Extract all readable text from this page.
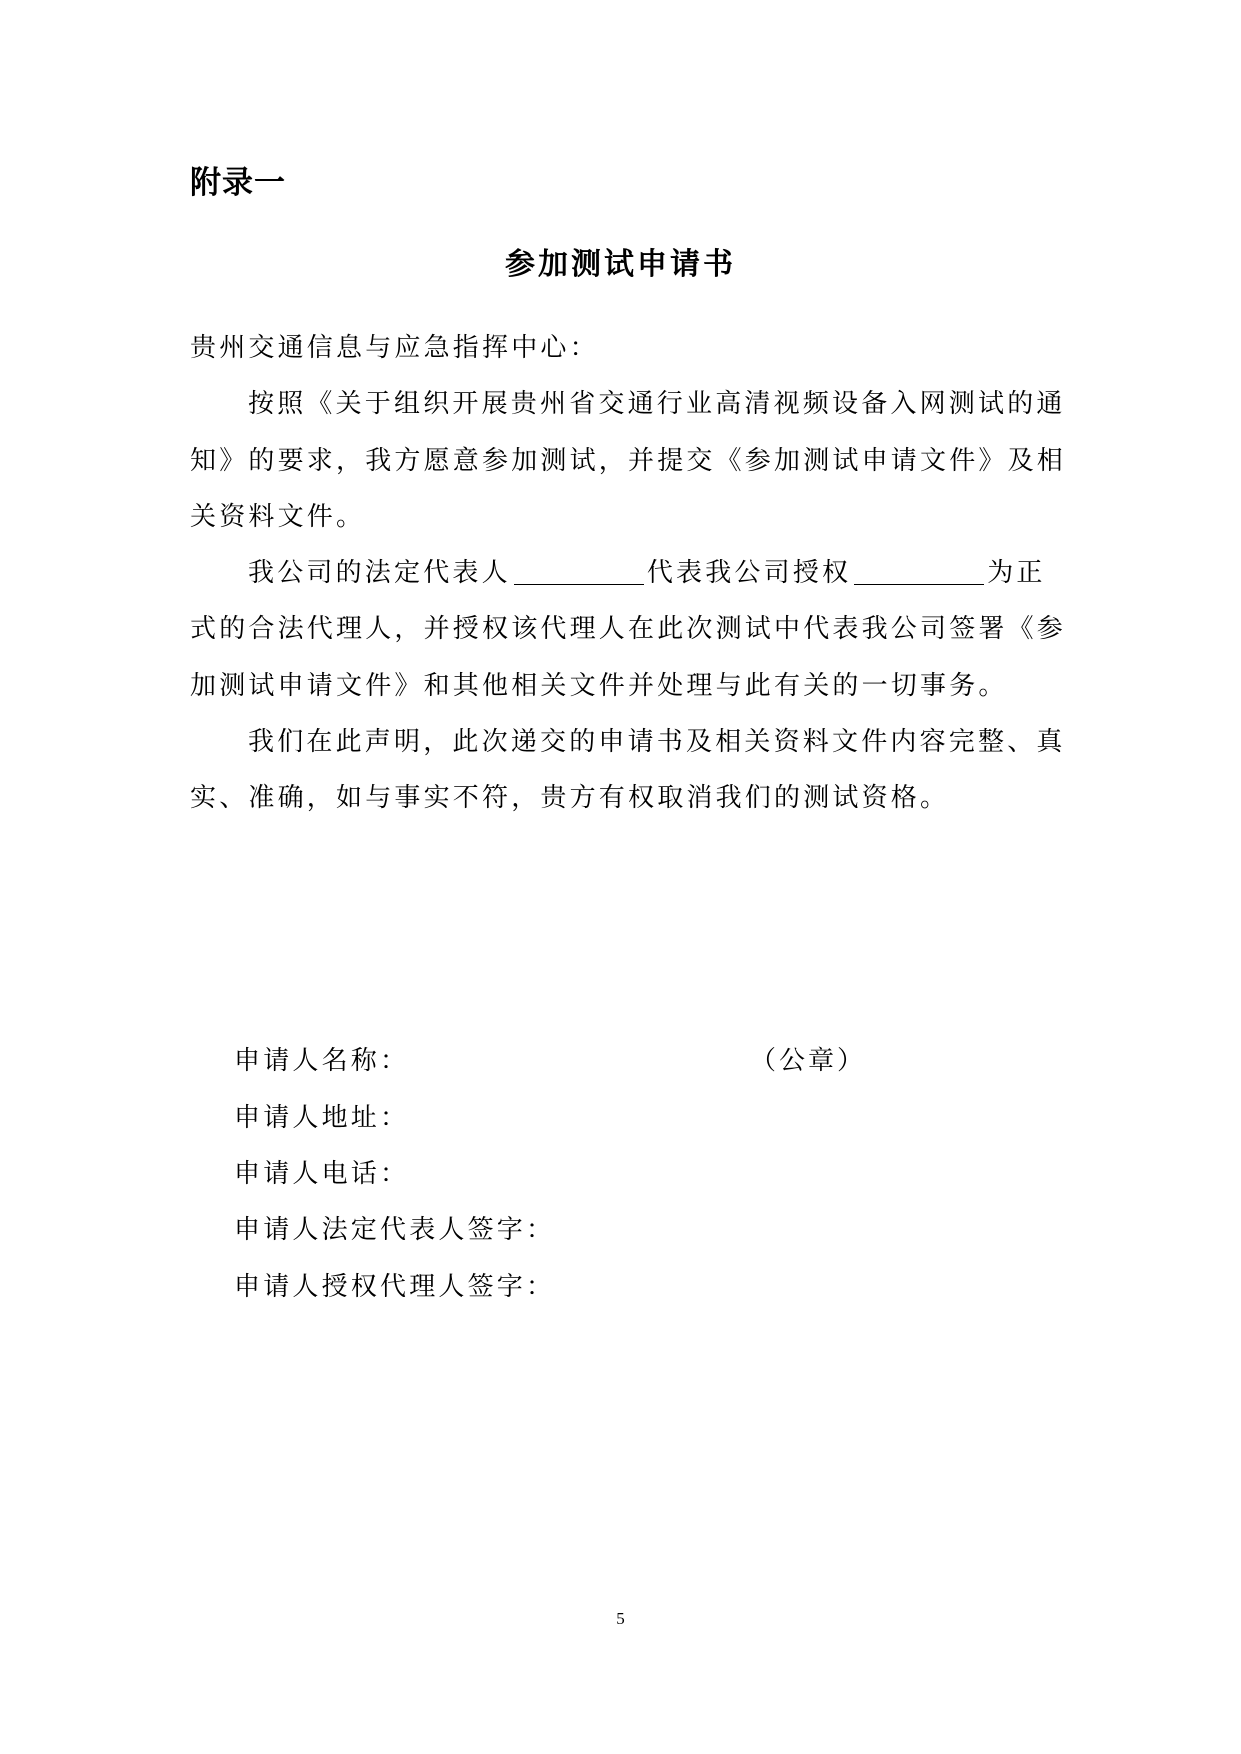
附录一
参加测试申请书
贵州交通信息与应急指挥中心：
按照《关于组织开展贵州省交通行业高清视频设备入网测试的通
知》的要求，我方愿意参加测试，并提交《参加测试申请文件》及相
关资料文件。
我公司的法定代表人	代表我公司授权	为正
式的合法代理人，并授权该代理人在此次测试中代表我公司签署《参
加测试申请文件》和其他相关文件并处理与此有关的一切事务。
我们在此声明，此次递交的申请书及相关资料文件内容完整、真
实、准确，如与事实不符，贵方有权取消我们的测试资格。
申请人名称：	（公章）
申请人地址：
申请人电话：
申请人法定代表人签字：
申请人授权代理人签字：
5
